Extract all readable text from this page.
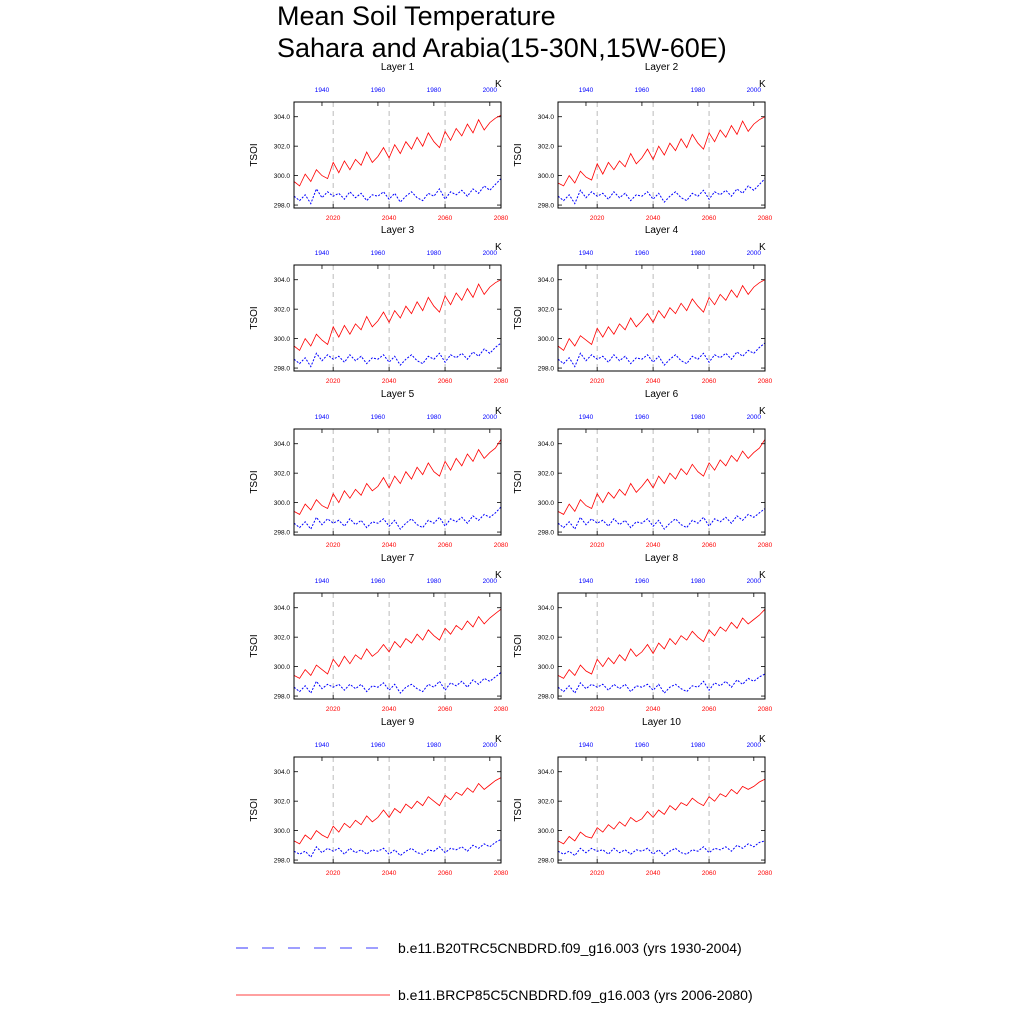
Mean Soil Temperature
Sahara and Arabia(15-30N,15W-60E)
Layer 1
K
TSOI
298.0
300.0
302.0
304.0
2020	2040	2060	2080
1940	1960	1980	2000
Layer 2
K
TSOI
298.0
300.0
302.0
304.0
2020	2040	2060	2080
1940	1960	1980	2000
Layer 3
K
TSOI
298.0
300.0
302.0
304.0
2020	2040	2060	2080
1940	1960	1980	2000
Layer 4
K
TSOI
298.0
300.0
302.0
304.0
2020	2040	2060	2080
1940	1960	1980	2000
Layer 5
K
TSOI
298.0
300.0
302.0
304.0
2020	2040	2060	2080
1940	1960	1980	2000
Layer 6
K
TSOI
298.0
300.0
302.0
304.0
2020	2040	2060	2080
1940	1960	1980	2000
Layer 7
K
TSOI
298.0
300.0
302.0
304.0
2020	2040	2060	2080
1940	1960	1980	2000
Layer 8
K
TSOI
298.0
300.0
302.0
304.0
2020	2040	2060	2080
1940	1960	1980	2000
Layer 9
K
TSOI
298.0
300.0
302.0
304.0
2020	2040	2060	2080
1940	1960	1980	2000
Layer 10
K
TSOI
298.0
300.0
302.0
304.0
2020	2040	2060	2080
1940	1960	1980	2000
b.e11.B20TRC5CNBDRD.f09_g16.003 (yrs 1930-2004)
b.e11.BRCP85C5CNBDRD.f09_g16.003 (yrs 2006-2080)
